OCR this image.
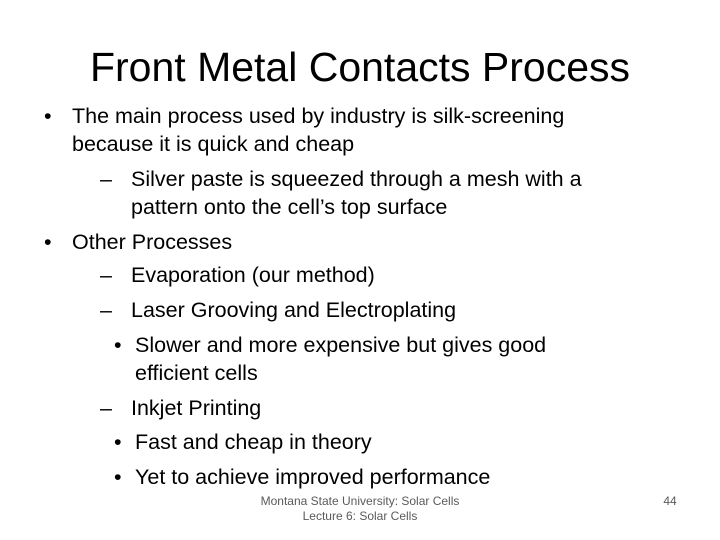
Front Metal Contacts Process
• The main process used by industry is silk-screening
because it is quick and cheap
– Silver paste is squeezed through a mesh with a
pattern onto the cell’s top surface
• Other Processes
– Evaporation (our method)
– Laser Grooving and Electroplating
• Slower and more expensive but gives good
efficient cells
– Inkjet Printing
• Fast and cheap in theory
• Yet to achieve improved performance
Montana State University: Solar Cells
Lecture 6: Solar Cells
44
